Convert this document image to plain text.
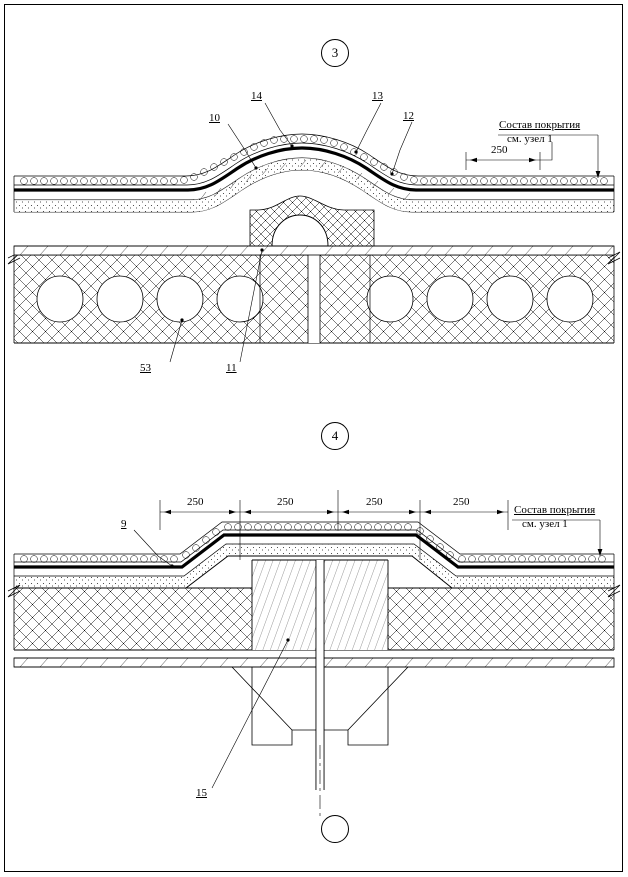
3
10
14	13
12
53	11
Состав покрытия
см. узел 1
250
4
9
15
Состав покрытия
см. узел 1
250	250	250	250
